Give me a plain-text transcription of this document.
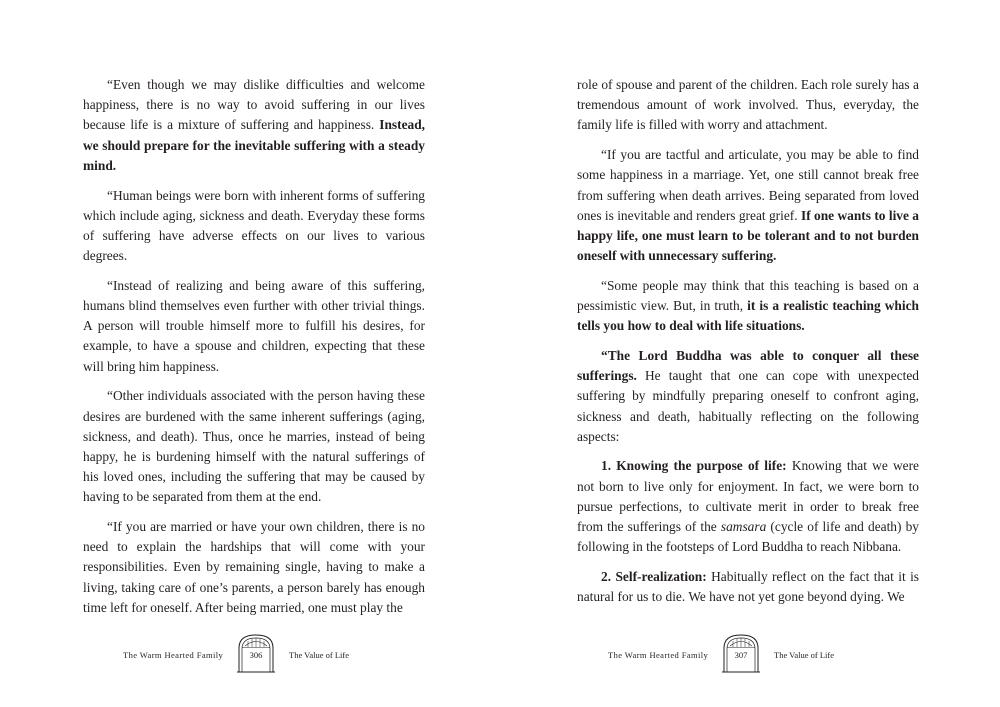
“Even though we may dislike difficulties and welcome happiness, there is no way to avoid suffering in our lives because life is a mixture of suffering and happiness. Instead, we should prepare for the inevitable suffering with a steady mind.

“Human beings were born with inherent forms of suffering which include aging, sickness and death. Everyday these forms of suffering have adverse effects on our lives to various degrees.

“Instead of realizing and being aware of this suffering, humans blind themselves even further with other trivial things. A person will trouble himself more to fulfill his desires, for example, to have a spouse and children, expecting that these will bring him happiness.

“Other individuals associated with the person having these desires are burdened with the same inherent sufferings (aging, sickness, and death). Thus, once he marries, instead of being happy, he is burdening himself with the natural sufferings of his loved ones, including the suffering that may be caused by having to be separated from them at the end.

“If you are married or have your own children, there is no need to explain the hardships that will come with your responsibilities. Even by remaining single, having to make a living, taking care of one’s parents, a person barely has enough time left for oneself. After being married, one must play the

The Warm Hearted Family	306	The Value of Life

role of spouse and parent of the children. Each role surely has a tremendous amount of work involved. Thus, everyday, the family life is filled with worry and attachment.

“If you are tactful and articulate, you may be able to find some happiness in a marriage. Yet, one still cannot break free from suffering when death arrives. Being separated from loved ones is inevitable and renders great grief. If one wants to live a happy life, one must learn to be tolerant and to not burden oneself with unnecessary suffering.

“Some people may think that this teaching is based on a pessimistic view. But, in truth, it is a realistic teaching which tells you how to deal with life situations.

“The Lord Buddha was able to conquer all these sufferings. He taught that one can cope with unexpected suffering by mindfully preparing oneself to confront aging, sickness and death, habitually reflecting on the following aspects:

1. Knowing the purpose of life: Knowing that we were not born to live only for enjoyment. In fact, we were born to pursue perfections, to cultivate merit in order to break free from the sufferings of the samsara (cycle of life and death) by following in the footsteps of Lord Buddha to reach Nibbana.

2. Self-realization: Habitually reflect on the fact that it is natural for us to die. We have not yet gone beyond dying. We

The Warm Hearted Family	307	The Value of Life
